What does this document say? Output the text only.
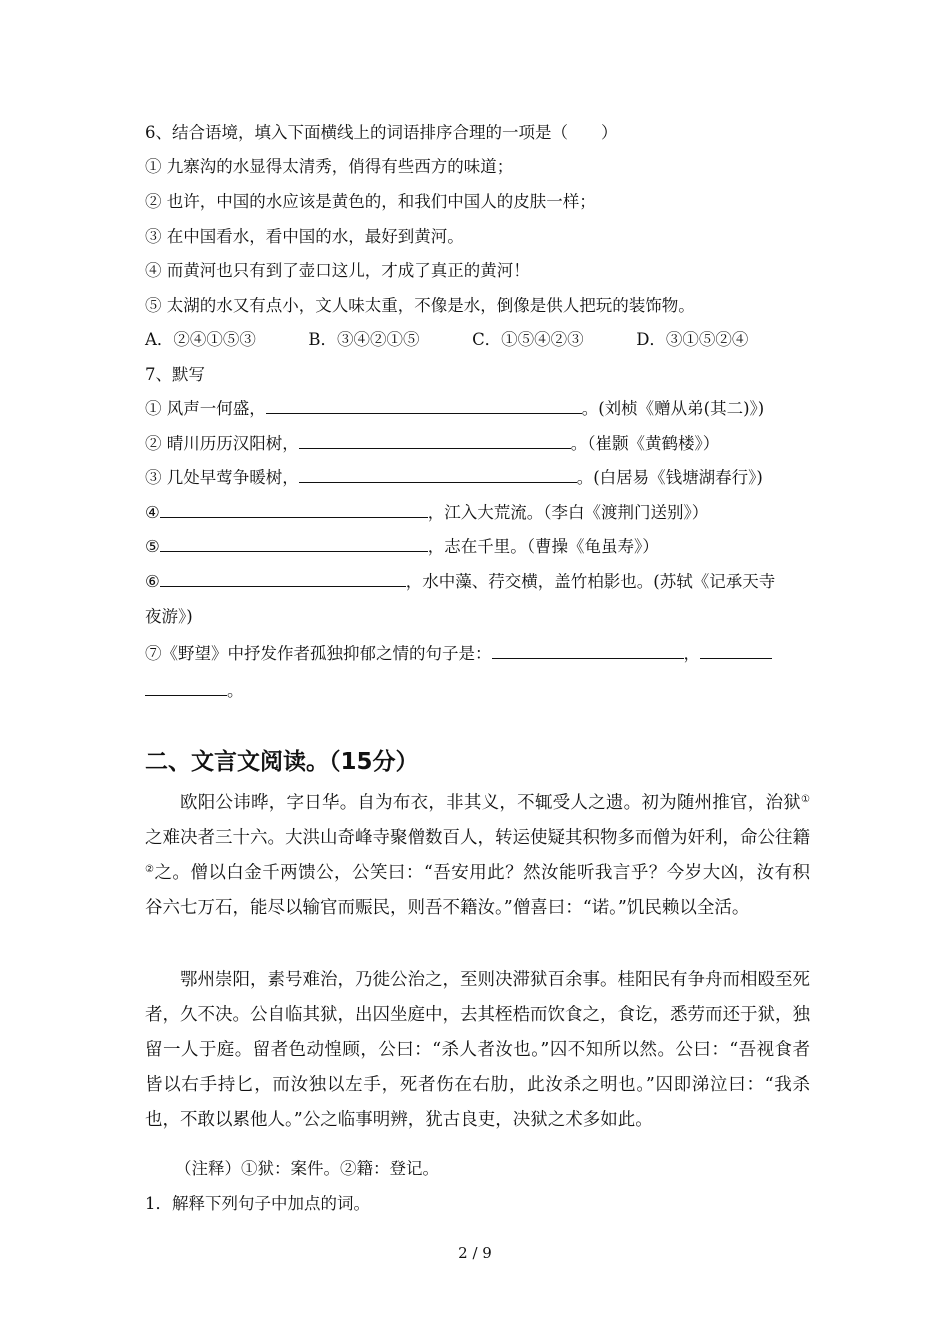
6、结合语境，填入下面横线上的词语排序合理的一项是（　　）
① 九寨沟的水显得太清秀，俏得有些西方的味道；
② 也许，中国的水应该是黄色的，和我们中国人的皮肤一样；
③ 在中国看水，看中国的水，最好到黄河。
④ 而黄河也只有到了壶口这儿，才成了真正的黄河！
⑤ 太湖的水又有点小，文人味太重，不像是水，倒像是供人把玩的装饰物。
A．②④①⑤③	B．③④②①⑤	C．①⑤④②③	D．③①⑤②④
7、默写
① 风声一何盛，	。(刘桢《赠从弟(其二)》)
② 晴川历历汉阳树，	。（崔颢《黄鹤楼》）
③ 几处早莺争暖树，	。(白居易《钱塘湖春行》)
④	，江入大荒流。（李白《渡荆门送别》）
⑤	，志在千里。（曹操《龟虽寿》）
⑥	，水中藻、荇交横，盖竹柏影也。(苏轼《记承天寺
夜游》)
⑦《野望》中抒发作者孤独抑郁之情的句子是：	，
。
二、文言文阅读。（15分）
欧阳公讳晔，字日华。自为布衣，非其义，不辄受人之遗。初为随州推官，治狱①之难决者三十六。大洪山奇峰寺聚僧数百人，转运使疑其积物多而僧为奸利，命公往籍②之。僧以白金千两馈公，公笑曰：“吾安用此？然汝能听我言乎？今岁大凶，汝有积谷六七万石，能尽以输官而赈民，则吾不籍汝。”僧喜曰：“诺。”饥民赖以全活。
鄂州崇阳，素号难治，乃徙公治之，至则决滞狱百余事。桂阳民有争舟而相殴至死者，久不决。公自临其狱，出囚坐庭中，去其桎梏而饮食之，食讫，悉劳而还于狱，独留一人于庭。留者色动惶顾，公曰：“杀人者汝也。”囚不知所以然。公曰：“吾视食者皆以右手持匕，而汝独以左手，死者伤在右肋，此汝杀之明也。”囚即涕泣曰：“我杀也，不敢以累他人。”公之临事明辨，犹古良吏，决狱之术多如此。
（注释）①狱：案件。②籍：登记。
1．解释下列句子中加点的词。
2 / 9
